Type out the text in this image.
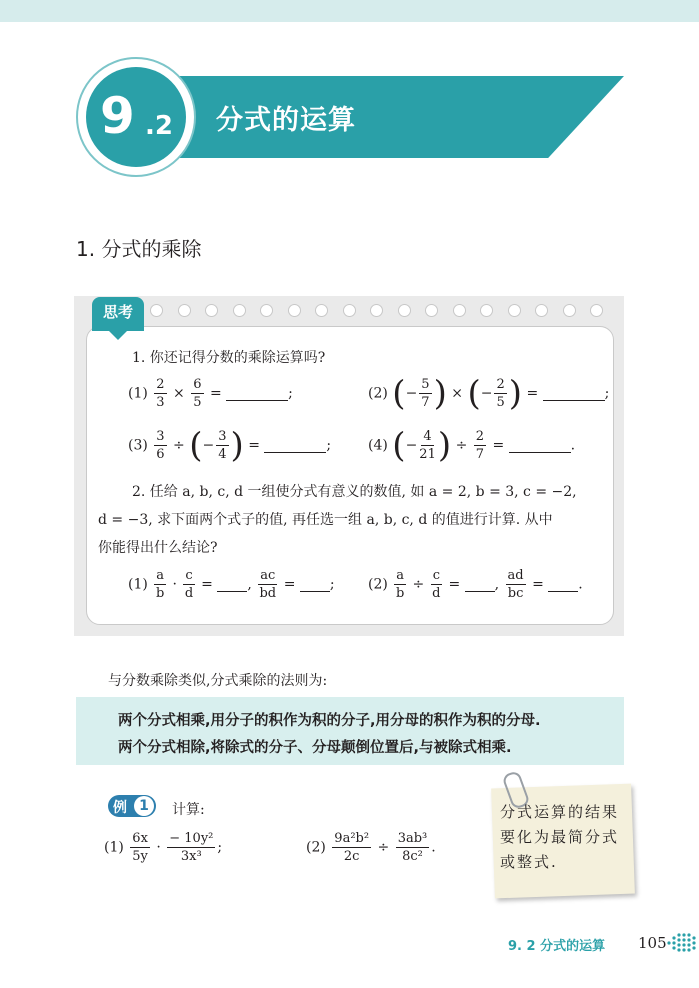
9 .2 分式的运算
1. 分式的乘除
思考
1. 你还记得分数的乘除运算吗?
$(1) \frac{2}{3} \times \frac{6}{5}$ =	;	(2) (− $\frac{5}{7}$ ) × (− $\frac{2}{5}$ ) =	;
$(3) \frac{3}{6}$ ÷ (− $\frac{3}{4}$ ) =	;	(4) (− $\frac{4}{21}$ ) ÷ $\frac{2}{7}$ =	.
2. 任给 a, b, c, d 一组使分式有意义的数值, 如 a = 2, b = 3, c = −2,
d = −3, 求下面两个式子的值, 再任选一组 a, b, c, d 的值进行计算. 从中
你能得出什么结论?
$(1) \frac{a}{b} \cdot \frac{c}{d}$ = , $\frac{ac}{bd}$ = ; $(2) \frac{a}{b} \div \frac{c}{d}$ = , $\frac{ad}{bc}$ = .
与分数乘除类似,分式乘除的法则为:
两个分式相乘,用分子的积作为积的分子,用分母的积作为积的分母.
两个分式相除,将除式的分子、分母颠倒位置后,与被除式相乘.
例 1	计算:
$(1) \frac{6x}{5y} \cdot \frac{\text{− 10y²}}{\text{3x³}}$ ;	$(2) \frac{\text{9a²b²}}{2c} \div \frac{\text{3ab³}}{\text{8c²}}$ .
分式运算的结果要化为最简分式或整式.
9. 2 分式的运算 105
